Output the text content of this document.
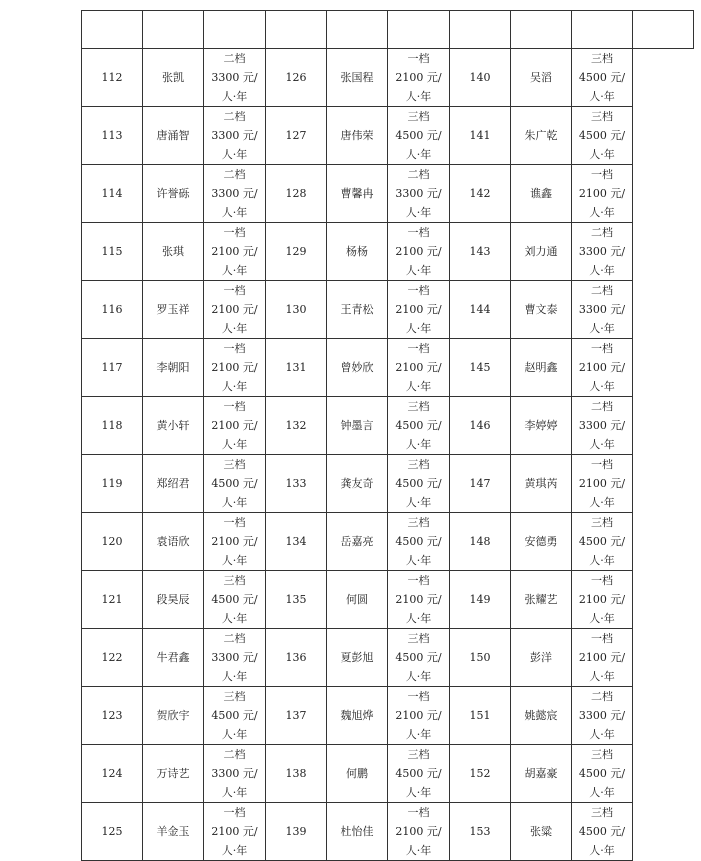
112	张凯	二档
3300 元/
人·年	126	张国程	一档
2100 元/
人·年	140	吴滔	三档
4500 元/
人·年	

113	唐涌智	二档
3300 元/
人·年	127	唐伟荣	三档
4500 元/
人·年	141	朱广乾	三档
4500 元/
人·年	

114	许誉砾	二档
3300 元/
人·年	128	曹馨冉	二档
3300 元/
人·年	142	谯鑫	一档
2100 元/
人·年	

115	张琪	一档
2100 元/
人·年	129	杨杨	一档
2100 元/
人·年	143	刘力通	二档
3300 元/
人·年	

116	罗玉祥	一档
2100 元/
人·年	130	王青松	一档
2100 元/
人·年	144	曹文泰	二档
3300 元/
人·年	

117	李朝阳	一档
2100 元/
人·年	131	曾妙欣	一档
2100 元/
人·年	145	赵明鑫	一档
2100 元/
人·年	

118	黄小轩	一档
2100 元/
人·年	132	钟墨言	三档
4500 元/
人·年	146	李婷婷	二档
3300 元/
人·年	

119	郑绍君	三档
4500 元/
人·年	133	龚友奇	三档
4500 元/
人·年	147	黄琪芮	一档
2100 元/
人·年	

120	袁语欣	一档
2100 元/
人·年	134	岳嘉亮	三档
4500 元/
人·年	148	安德勇	三档
4500 元/
人·年	

121	段昊辰	三档
4500 元/
人·年	135	何圆	一档
2100 元/
人·年	149	张耀艺	一档
2100 元/
人·年	

122	牛君鑫	二档
3300 元/
人·年	136	夏彭旭	三档
4500 元/
人·年	150	彭洋	一档
2100 元/
人·年	

123	贺欣宇	三档
4500 元/
人·年	137	魏旭烨	一档
2100 元/
人·年	151	姚懿宸	二档
3300 元/
人·年	

124	万诗艺	二档
3300 元/
人·年	138	何鹏	三档
4500 元/
人·年	152	胡嘉豪	三档
4500 元/
人·年	

125	羊金玉	一档
2100 元/
人·年	139	杜怡佳	一档
2100 元/
人·年	153	张粱	三档
4500 元/
人·年	
